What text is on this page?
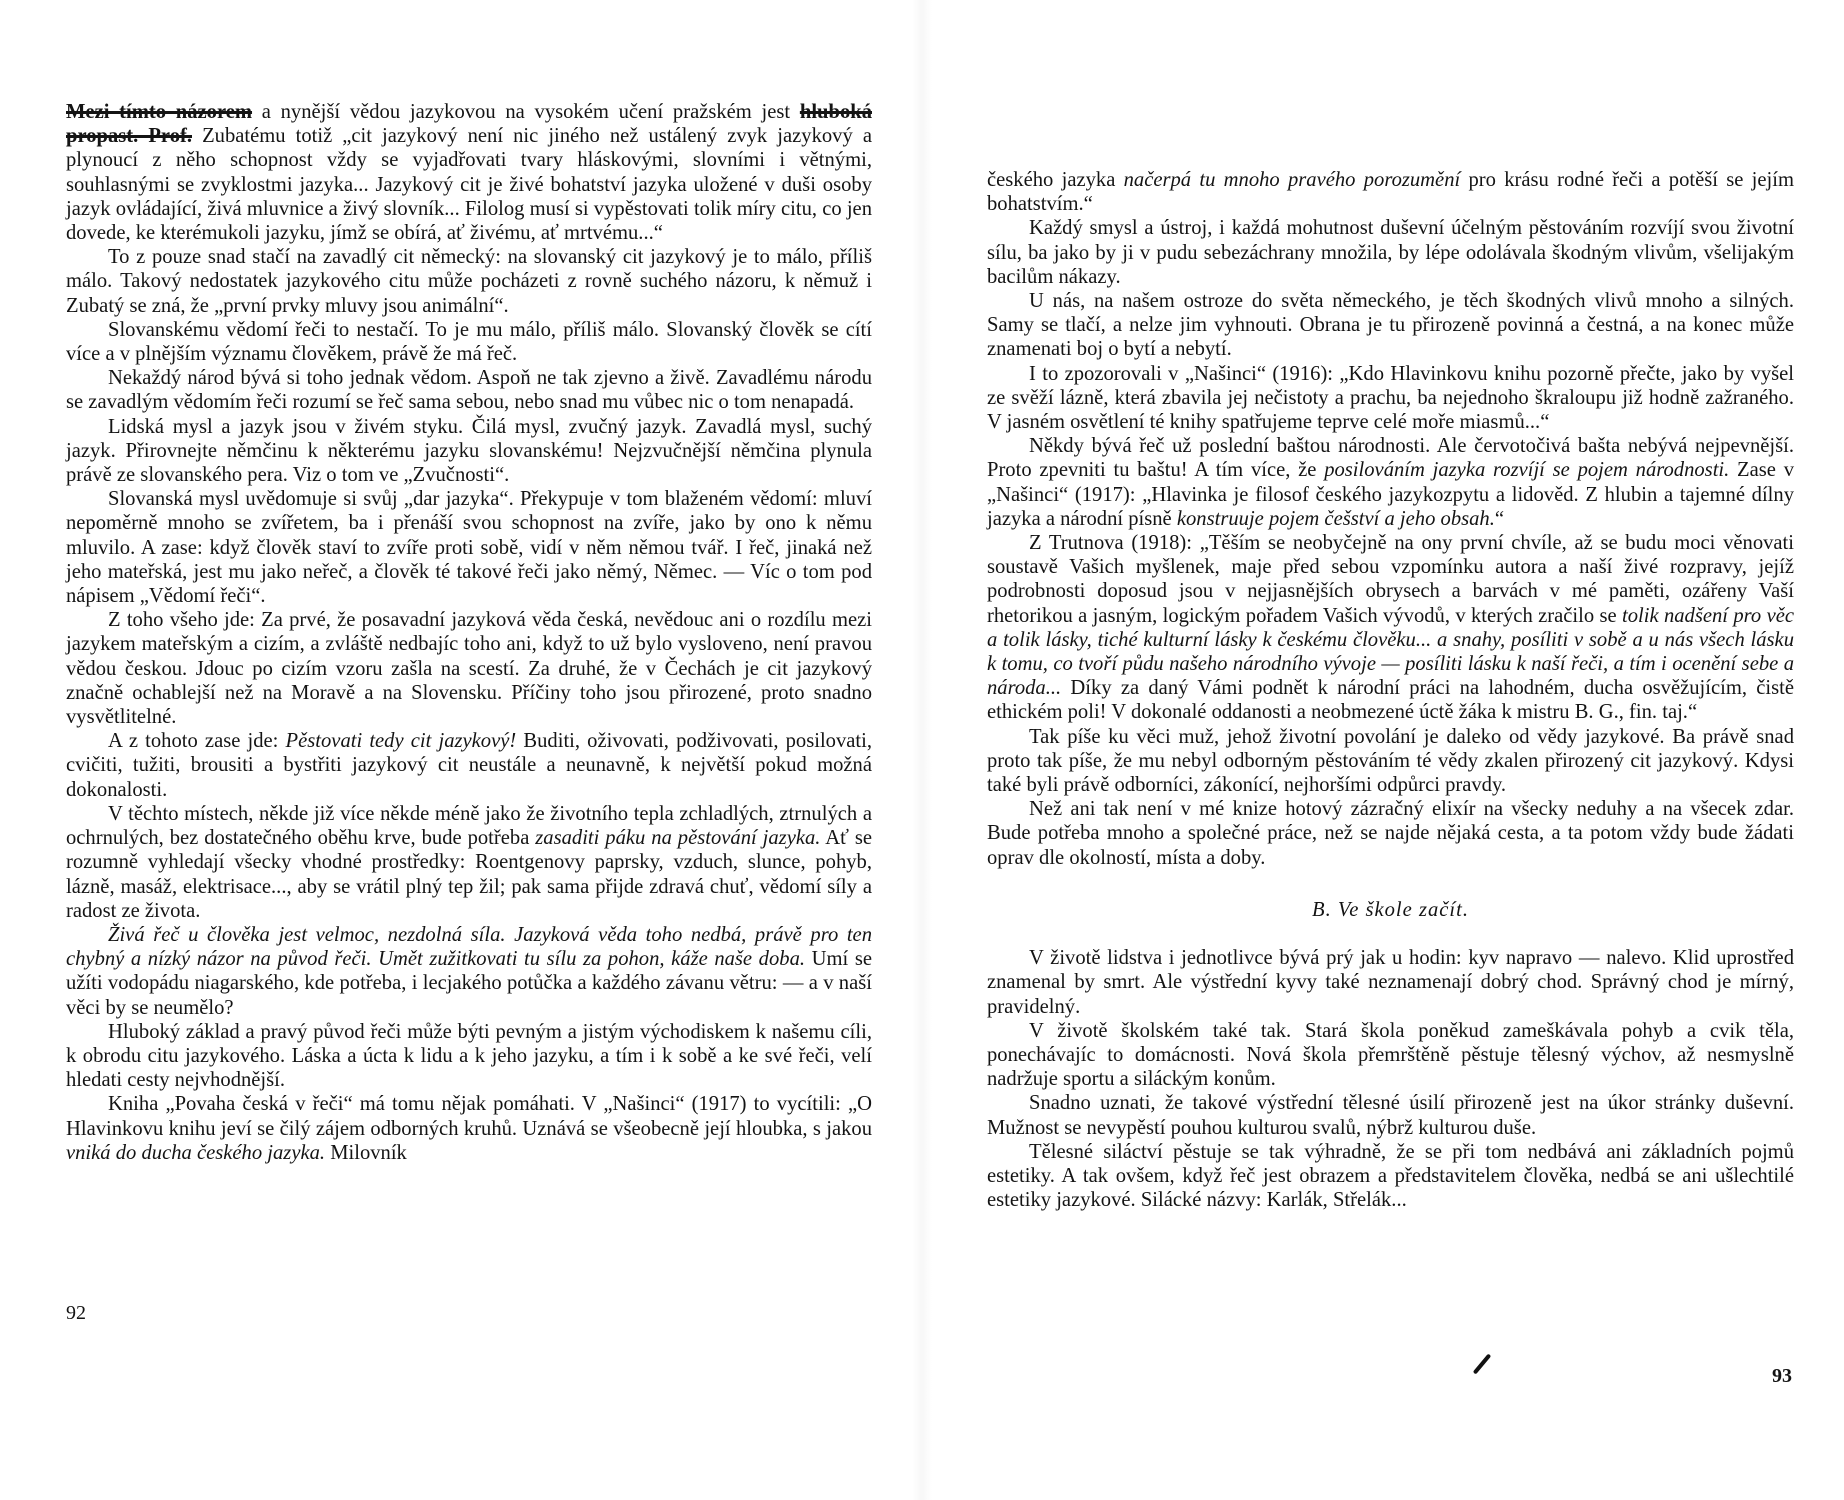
Mezi tímto názorem a nynější vědou jazykovou na vysokém učení pražském jest hluboká propast. Prof. Zubatému totiž „cit jazykový není nic jiného než ustálený zvyk jazykový a plynoucí z něho schopnost vždy se vyjadřovati tvary hláskovými, slovními i větnými, souhlasnými se zvyklostmi jazyka... Jazykový cit je živé bohatství jazyka uložené v duši osoby jazyk ovládající, živá mluvnice a živý slovník... Filolog musí si vypěstovati tolik míry citu, co jen dovede, ke kterémukoli jazyku, jímž se obírá, ať živému, ať mrtvému...“

To z pouze snad stačí na zavadlý cit německý: na slovanský cit jazykový je to málo, příliš málo. Takový nedostatek jazykového citu může pocházeti z rovně suchého názoru, k němuž i Zubatý se zná, že „první prvky mluvy jsou animální“.

Slovanskému vědomí řeči to nestačí. To je mu málo, příliš málo. Slovanský člověk se cítí více a v plnějším významu člověkem, právě že má řeč.

Nekaždý národ bývá si toho jednak vědom. Aspoň ne tak zjevno a živě. Zavadlému národu se zavadlým vědomím řeči rozumí se řeč sama sebou, nebo snad mu vůbec nic o tom nenapadá.

Lidská mysl a jazyk jsou v živém styku. Čilá mysl, zvučný jazyk. Zavadlá mysl, suchý jazyk. Přirovnejte němčinu k některému jazyku slovanskému! Nejzvučnější němčina plynula právě ze slovanského pera. Viz o tom ve „Zvučnosti“.

Slovanská mysl uvědomuje si svůj „dar jazyka“. Překypuje v tom blaženém vědomí: mluví nepoměrně mnoho se zvířetem, ba i přenáší svou schopnost na zvíře, jako by ono k němu mluvilo. A zase: když člověk staví to zvíře proti sobě, vidí v něm němou tvář. I řeč, jinaká než jeho mateřská, jest mu jako neřeč, a člověk té takové řeči jako němý, Němec. — Víc o tom pod nápisem „Vědomí řeči“.

Z toho všeho jde: Za prvé, že posavadní jazyková věda česká, nevědouc ani o rozdílu mezi jazykem mateřským a cizím, a zvláště nedbajíc toho ani, když to už bylo vysloveno, není pravou vědou českou. Jdouc po cizím vzoru zašla na scestí. Za druhé, že v Čechách je cit jazykový značně ochablejší než na Moravě a na Slovensku. Příčiny toho jsou přirozené, proto snadno vysvětlitelné.

A z tohoto zase jde: Pěstovati tedy cit jazykový! Buditi, oživovati, podživovati, posilovati, cvičiti, tužiti, brousiti a bystřiti jazykový cit neustále a neunavně, k největší pokud možná dokonalosti.

V těchto místech, někde již více někde méně jako že životního tepla zchladlých, ztrnulých a ochrnulých, bez dostatečného oběhu krve, bude potřeba zasaditi páku na pěstování jazyka. Ať se rozumně vyhledají všecky vhodné prostředky: Roentgenovy paprsky, vzduch, slunce, pohyb, lázně, masáž, elektrisace..., aby se vrátil plný tep žil; pak sama přijde zdravá chuť, vědomí síly a radost ze života.

Živá řeč u člověka jest velmoc, nezdolná síla. Jazyková věda toho nedbá, právě pro ten chybný a nízký názor na původ řeči. Umět zužitkovati tu sílu za pohon, káže naše doba. Umí se užíti vodopádu niagarského, kde potřeba, i lecjakého potůčka a každého závanu větru: — a v naší věci by se neumělo?

Hluboký základ a pravý původ řeči může býti pevným a jistým východiskem k našemu cíli, k obrodu citu jazykového. Láska a úcta k lidu a k jeho jazyku, a tím i k sobě a ke své řeči, velí hledati cesty nejvhodnější.

Kniha „Povaha česká v řeči“ má tomu nějak pomáhati. V „Našinci“ (1917) to vycítili: „O Hlavinkovu knihu jeví se čilý zájem odborných kruhů. Uznává se všeobecně její hloubka, s jakou vniká do ducha českého jazyka. Milovník

92

českého jazyka načerpá tu mnoho pravého porozumění pro krásu rodné řeči a potěší se jejím bohatstvím.“

Každý smysl a ústroj, i každá mohutnost duševní účelným pěstováním rozvíjí svou životní sílu, ba jako by ji v pudu sebezáchrany množila, by lépe odolávala škodným vlivům, všelijakým bacilům nákazy.

U nás, na našem ostroze do světa německého, je těch škodných vlivů mnoho a silných. Samy se tlačí, a nelze jim vyhnouti. Obrana je tu přirozeně povinná a čestná, a na konec může znamenati boj o bytí a nebytí.

I to zpozorovali v „Našinci“ (1916): „Kdo Hlavinkovu knihu pozorně přečte, jako by vyšel ze svěží lázně, která zbavila jej nečistoty a prachu, ba nejednoho škraloupu již hodně zažraného. V jasném osvětlení té knihy spatřujeme teprve celé moře miasmů...“

Někdy bývá řeč už poslední baštou národnosti. Ale červotočivá bašta nebývá nejpevnější. Proto zpevniti tu baštu! A tím více, že posilováním jazyka rozvíjí se pojem národnosti. Zase v „Našinci“ (1917): „Hlavinka je filosof českého jazykozpytu a lidověd. Z hlubin a tajemné dílny jazyka a národní písně konstruuje pojem češství a jeho obsah.“

Z Trutnova (1918): „Těším se neobyčejně na ony první chvíle, až se budu moci věnovati soustavě Vašich myšlenek, maje před sebou vzpomínku autora a naší živé rozpravy, jejíž podrobnosti doposud jsou v nejjasnějších obrysech a barvách v mé paměti, ozářeny Vaší rhetorikou a jasným, logickým pořadem Vašich vývodů, v kterých zračilo se tolik nadšení pro věc a tolik lásky, tiché kulturní lásky k českému člověku... a snahy, posíliti v sobě a u nás všech lásku k tomu, co tvoří půdu našeho národního vývoje — posíliti lásku k naší řeči, a tím i ocenění sebe a národa... Díky za daný Vámi podnět k národní práci na lahodném, ducha osvěžujícím, čistě ethickém poli! V dokonalé oddanosti a neobmezené úctě žáka k mistru B. G., fin. taj.“

Tak píše ku věci muž, jehož životní povolání je daleko od vědy jazykové. Ba právě snad proto tak píše, že mu nebyl odborným pěstováním té vědy zkalen přirozený cit jazykový. Kdysi také byli právě odborníci, zákonící, nejhoršími odpůrci pravdy.

Než ani tak není v mé knize hotový zázračný elixír na všecky neduhy a na všecek zdar. Bude potřeba mnoho a společné práce, než se najde nějaká cesta, a ta potom vždy bude žádati oprav dle okolností, místa a doby.

B. Ve škole začít.

V životě lidstva i jednotlivce bývá prý jak u hodin: kyv napravo — nalevo. Klid uprostřed znamenal by smrt. Ale výstřední kyvy také neznamenají dobrý chod. Správný chod je mírný, pravidelný.

V životě školském také tak. Stará škola poněkud zameškávala pohyb a cvik těla, ponechávajíc to domácnosti. Nová škola přemrštěně pěstuje tělesný výchov, až nesmyslně nadržuje sportu a siláckým konům.

Snadno uznati, že takové výstřední tělesné úsilí přirozeně jest na úkor stránky duševní. Mužnost se nevypěstí pouhou kulturou svalů, nýbrž kulturou duše.

Tělesné siláctví pěstuje se tak výhradně, že se při tom nedbává ani základních pojmů estetiky. A tak ovšem, když řeč jest obrazem a představitelem člověka, nedbá se ani ušlechtilé estetiky jazykové. Silácké názvy: Karlák, Střelák...

93
